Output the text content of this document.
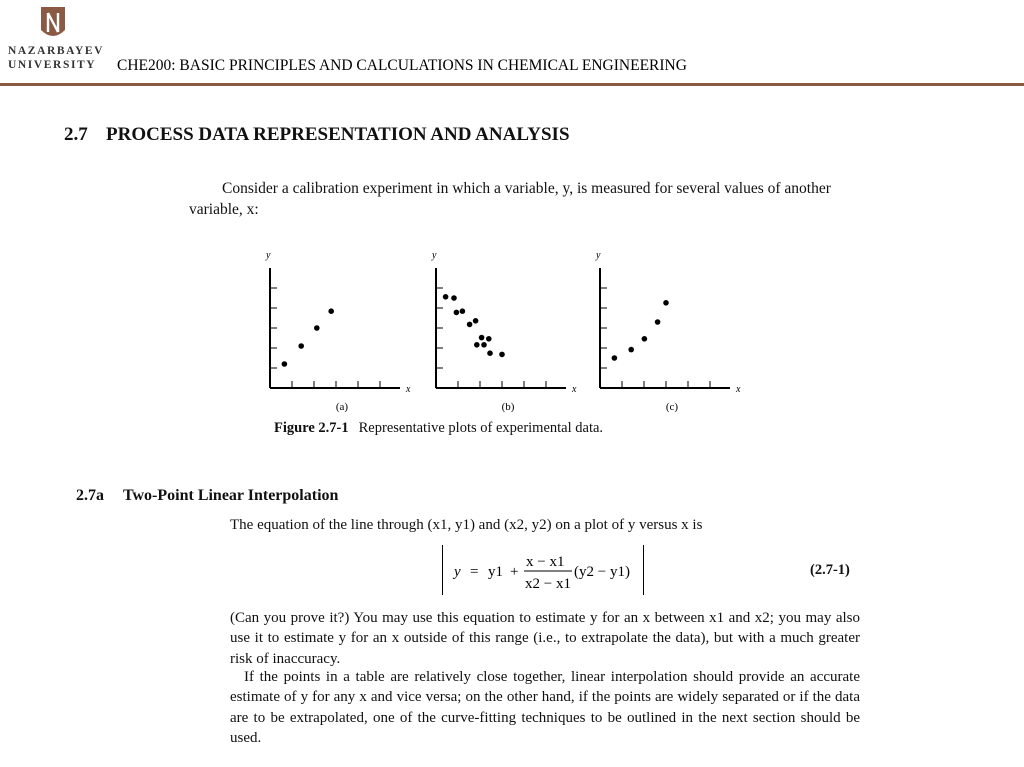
NAZARBAYEV
UNIVERSITY	CHE200: BASIC PRINCIPLES AND CALCULATIONS IN CHEMICAL ENGINEERING
2.7 PROCESS DATA REPRESENTATION AND ANALYSIS
Consider a calibration experiment in which a variable, y, is measured for several values of another variable, x:
y
x
(a)
y
x
(b)
y
x
(c)
Figure 2.7-1 Representative plots of experimental data.
2.7a Two-Point Linear Interpolation
The equation of the line through (x1, y1) and (x2, y2) on a plot of y versus x is
y = y1 +
x − x1
x2 − x1
(y2 − y1)	(2.7-1)
(Can you prove it?) You may use this equation to estimate y for an x between x1 and x2; you may also use it to estimate y for an x outside of this range (i.e., to extrapolate the data), but with a much greater risk of inaccuracy.
If the points in a table are relatively close together, linear interpolation should provide an accurate estimate of y for any x and vice versa; on the other hand, if the points are widely separated or if the data are to be extrapolated, one of the curve-fitting techniques to be outlined in the next section should be used.
